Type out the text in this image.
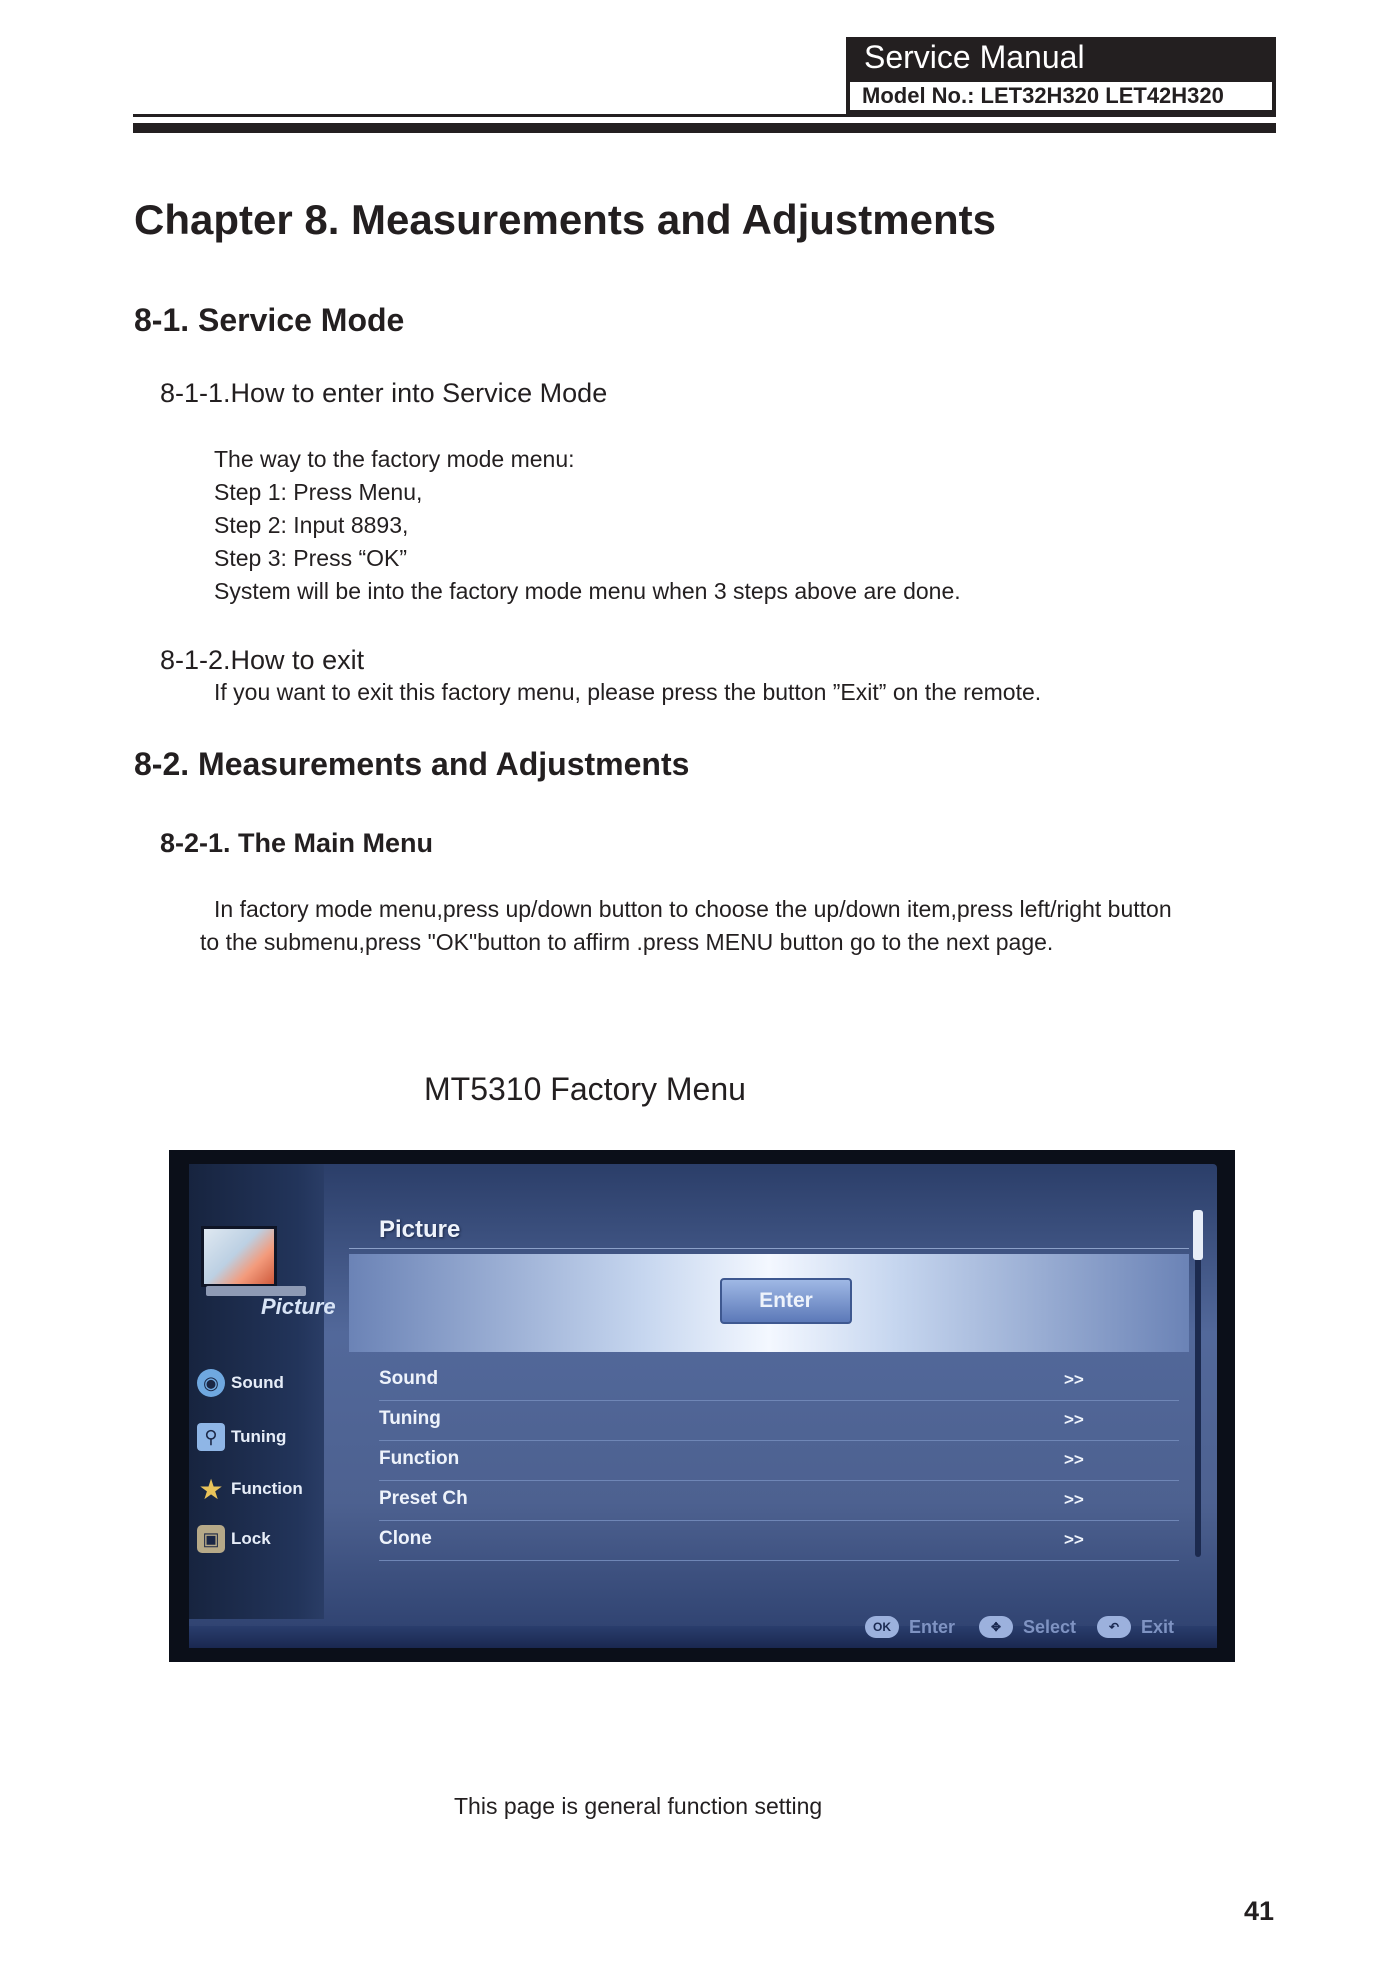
Service Manual
Model No.: LET32H320 LET42H320
Chapter 8. Measurements and Adjustments
8-1. Service Mode
8-1-1.How to enter into Service Mode
The way to the factory mode menu:
Step 1: Press Menu,
Step 2: Input 8893,
Step 3: Press “OK”
System will be into the factory mode menu when 3 steps above are done.
8-1-2.How to exit
If you want to exit this factory menu, please press the button ”Exit” on the remote.
8-2. Measurements and Adjustments
8-2-1. The Main Menu
In factory mode menu,press up/down button to choose the up/down item,press left/right button
to the submenu,press "OK"button to affirm .press MENU button go to the next page.
MT5310 Factory Menu
Picture
◉ Sound
⚲ Tuning
★ Function
▣ Lock
Picture
Enter
Sound	>>
Tuning	>>
Function	>>
Preset Ch	>>
Clone	>>
OK	Enter	✥	Select	↶	Exit
This page is general function setting
41
